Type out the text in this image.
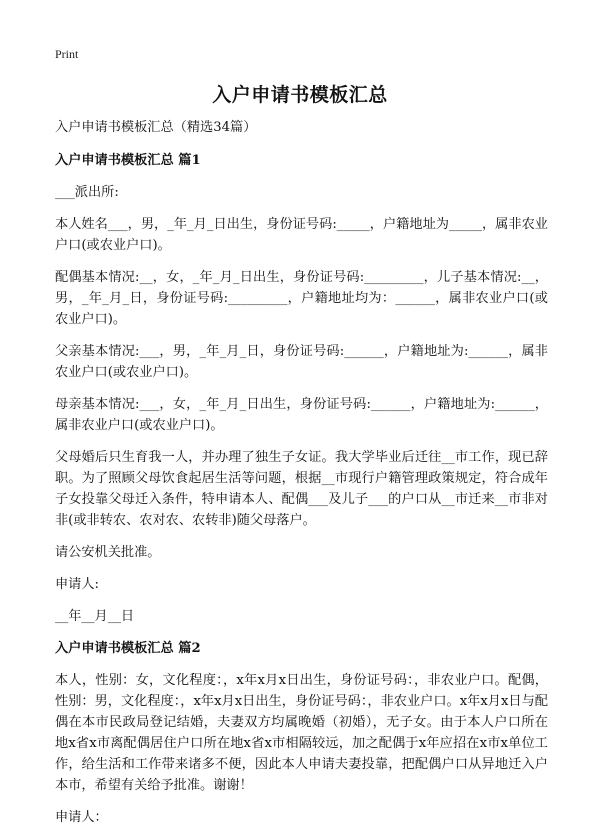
Print
入户申请书模板汇总

入户申请书模板汇总（精选34篇）

入户申请书模板汇总 篇1

___派出所:

本人姓名___，男，_年_月_日出生，身份证号码:_____，户籍地址为_____，属非农业户口(或农业户口)。

配偶基本情况:__，女，_年_月_日出生，身份证号码:_________，儿子基本情况:__，男，_年_月_日，身份证号码:_________，户籍地址均为：______，属非农业户口(或农业户口)。

父亲基本情况:___，男，_年_月_日，身份证号码:______，户籍地址为:______，属非农业户口(或农业户口)。

母亲基本情况:___，女，_年_月_日出生，身份证号码:______，户籍地址为:______，属非农业户口(或农业户口)。

父母婚后只生育我一人，并办理了独生子女证。我大学毕业后迁往__市工作，现已辞职。为了照顾父母饮食起居生活等问题，根据__市现行户籍管理政策规定，符合成年子女投靠父母迁入条件，特申请本人、配偶___及儿子___的户口从__市迁来__市非对非(或非转农、农对农、农转非)随父母落户。

请公安机关批准。

申请人:

__年__月__日

入户申请书模板汇总 篇2

本人，性别：女，文化程度：，x年x月x日出生，身份证号码：，非农业户口。配偶，性别：男，文化程度：，x年x月x日出生，身份证号码：，非农业户口。x年x月x日与配偶在本市民政局登记结婚，夫妻双方均属晚婚（初婚），无子女。由于本人户口所在地x省x市离配偶居住户口所在地x省x市相隔较远，加之配偶于x年应招在x市x单位工作，给生活和工作带来诸多不便，因此本人申请夫妻投靠，把配偶户口从异地迁入户本市，希望有关给予批准。谢谢！

申请人：
